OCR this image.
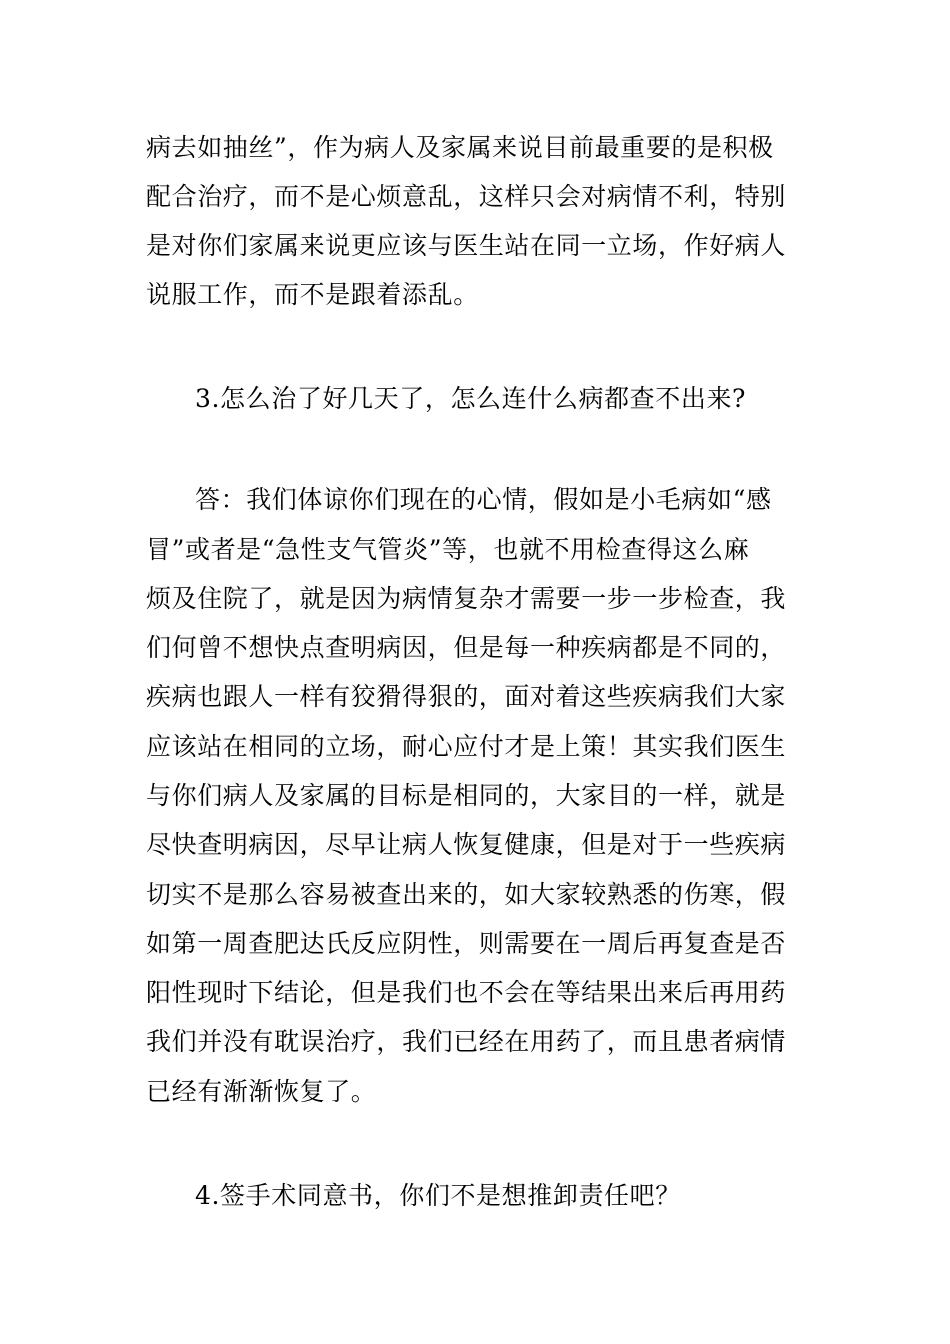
病去如抽丝”，作为病人及家属来说目前最重要的是积极
配合治疗，而不是心烦意乱，这样只会对病情不利，特别
是对你们家属来说更应该与医生站在同一立场，作好病人
说服工作，而不是跟着添乱。
3.怎么治了好几天了，怎么连什么病都查不出来?
答：我们体谅你们现在的心情，假如是小毛病如“感
冒”或者是“急性支气管炎”等，也就不用检查得这么麻
烦及住院了，就是因为病情复杂才需要一步一步检查，我
们何曾不想快点查明病因，但是每一种疾病都是不同的，
疾病也跟人一样有狡猾得狠的，面对着这些疾病我们大家
应该站在相同的立场，耐心应付才是上策！其实我们医生
与你们病人及家属的目标是相同的，大家目的一样，就是
尽快查明病因，尽早让病人恢复健康，但是对于一些疾病
切实不是那么容易被查出来的，如大家较熟悉的伤寒，假
如第一周查肥达氏反应阴性，则需要在一周后再复查是否
阳性现时下结论，但是我们也不会在等结果出来后再用药
我们并没有耽误治疗，我们已经在用药了，而且患者病情
已经有渐渐恢复了。
4.签手术同意书，你们不是想推卸责任吧？
